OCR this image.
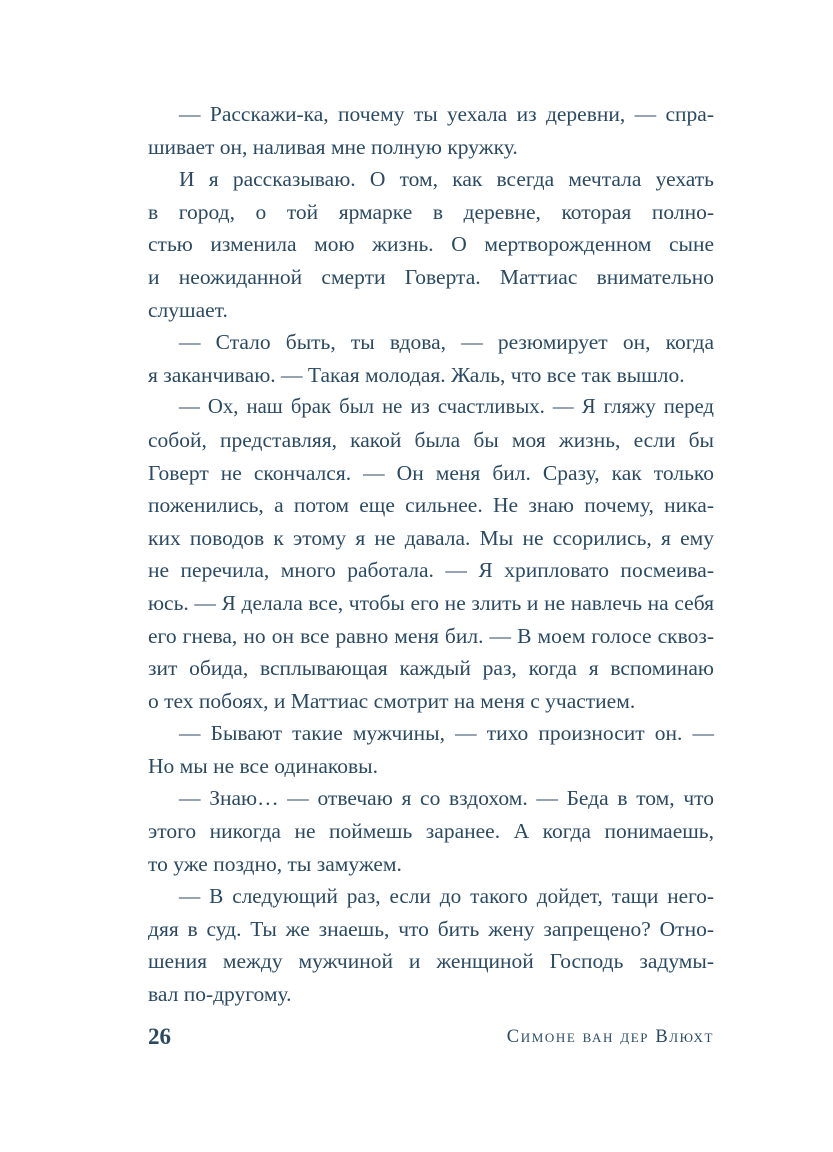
— Расскажи-ка, почему ты уехала из деревни, — спра-
шивает он, наливая мне полную кружку.
И я рассказываю. О том, как всегда мечтала уехать
в город, о той ярмарке в деревне, которая полно-
стью изменила мою жизнь. О мертворожденном сыне
и неожиданной смерти Говерта. Маттиас внимательно
слушает.
— Стало быть, ты вдова, — резюмирует он, когда
я заканчиваю. — Такая молодая. Жаль, что все так вышло.
— Ох, наш брак был не из счастливых. — Я гляжу перед
собой, представляя, какой была бы моя жизнь, если бы
Говерт не скончался. — Он меня бил. Сразу, как только
поженились, а потом еще сильнее. Не знаю почему, ника-
ких поводов к этому я не давала. Мы не ссорились, я ему
не перечила, много работала. — Я хрипловато посмеива-
юсь. — Я делала все, чтобы его не злить и не навлечь на себя
его гнева, но он все равно меня бил. — В моем голосе сквоз-
зит обида, всплывающая каждый раз, когда я вспоминаю
о тех побоях, и Маттиас смотрит на меня с участием.
— Бывают такие мужчины, — тихо произносит он. —
Но мы не все одинаковы.
— Знаю… — отвечаю я со вздохом. — Беда в том, что
этого никогда не поймешь заранее. А когда понимаешь,
то уже поздно, ты замужем.
— В следующий раз, если до такого дойдет, тащи него-
дяя в суд. Ты же знаешь, что бить жену запрещено? Отно-
шения между мужчиной и женщиной Господь задумы-
вал по-другому.
26	Симоне ван дер Влюхт
